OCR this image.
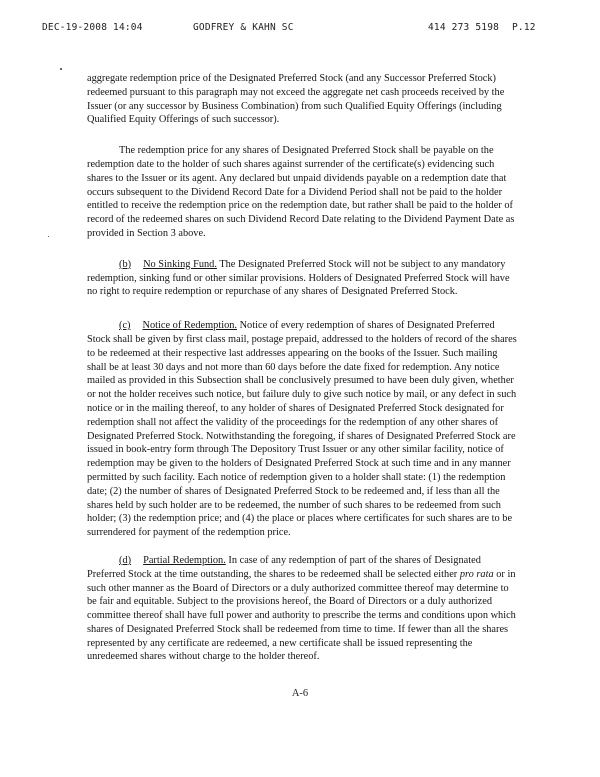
DEC-19-2008 14:04	GODFREY & KAHN SC	414 273 5198 P.12

aggregate redemption price of the Designated Preferred Stock (and any Successor Preferred Stock) redeemed pursuant to this paragraph may not exceed the aggregate net cash proceeds received by the Issuer (or any successor by Business Combination) from such Qualified Equity Offerings (including Qualified Equity Offerings of such successor).

The redemption price for any shares of Designated Preferred Stock shall be payable on the redemption date to the holder of such shares against surrender of the certificate(s) evidencing such shares to the Issuer or its agent. Any declared but unpaid dividends payable on a redemption date that occurs subsequent to the Dividend Record Date for a Dividend Period shall not be paid to the holder entitled to receive the redemption price on the redemption date, but rather shall be paid to the holder of record of the redeemed shares on such Dividend Record Date relating to the Dividend Payment Date as provided in Section 3 above.

(b) No Sinking Fund. The Designated Preferred Stock will not be subject to any mandatory redemption, sinking fund or other similar provisions. Holders of Designated Preferred Stock will have no right to require redemption or repurchase of any shares of Designated Preferred Stock.

(c) Notice of Redemption. Notice of every redemption of shares of Designated Preferred Stock shall be given by first class mail, postage prepaid, addressed to the holders of record of the shares to be redeemed at their respective last addresses appearing on the books of the Issuer. Such mailing shall be at least 30 days and not more than 60 days before the date fixed for redemption. Any notice mailed as provided in this Subsection shall be conclusively presumed to have been duly given, whether or not the holder receives such notice, but failure duly to give such notice by mail, or any defect in such notice or in the mailing thereof, to any holder of shares of Designated Preferred Stock designated for redemption shall not affect the validity of the proceedings for the redemption of any other shares of Designated Preferred Stock. Notwithstanding the foregoing, if shares of Designated Preferred Stock are issued in book-entry form through The Depository Trust Issuer or any other similar facility, notice of redemption may be given to the holders of Designated Preferred Stock at such time and in any manner permitted by such facility. Each notice of redemption given to a holder shall state: (1) the redemption date; (2) the number of shares of Designated Preferred Stock to be redeemed and, if less than all the shares held by such holder are to be redeemed, the number of such shares to be redeemed from such holder; (3) the redemption price; and (4) the place or places where certificates for such shares are to be surrendered for payment of the redemption price.

(d) Partial Redemption. In case of any redemption of part of the shares of Designated Preferred Stock at the time outstanding, the shares to be redeemed shall be selected either pro rata or in such other manner as the Board of Directors or a duly authorized committee thereof may determine to be fair and equitable. Subject to the provisions hereof, the Board of Directors or a duly authorized committee thereof shall have full power and authority to prescribe the terms and conditions upon which shares of Designated Preferred Stock shall be redeemed from time to time. If fewer than all the shares represented by any certificate are redeemed, a new certificate shall be issued representing the unredeemed shares without charge to the holder thereof.

A-6
